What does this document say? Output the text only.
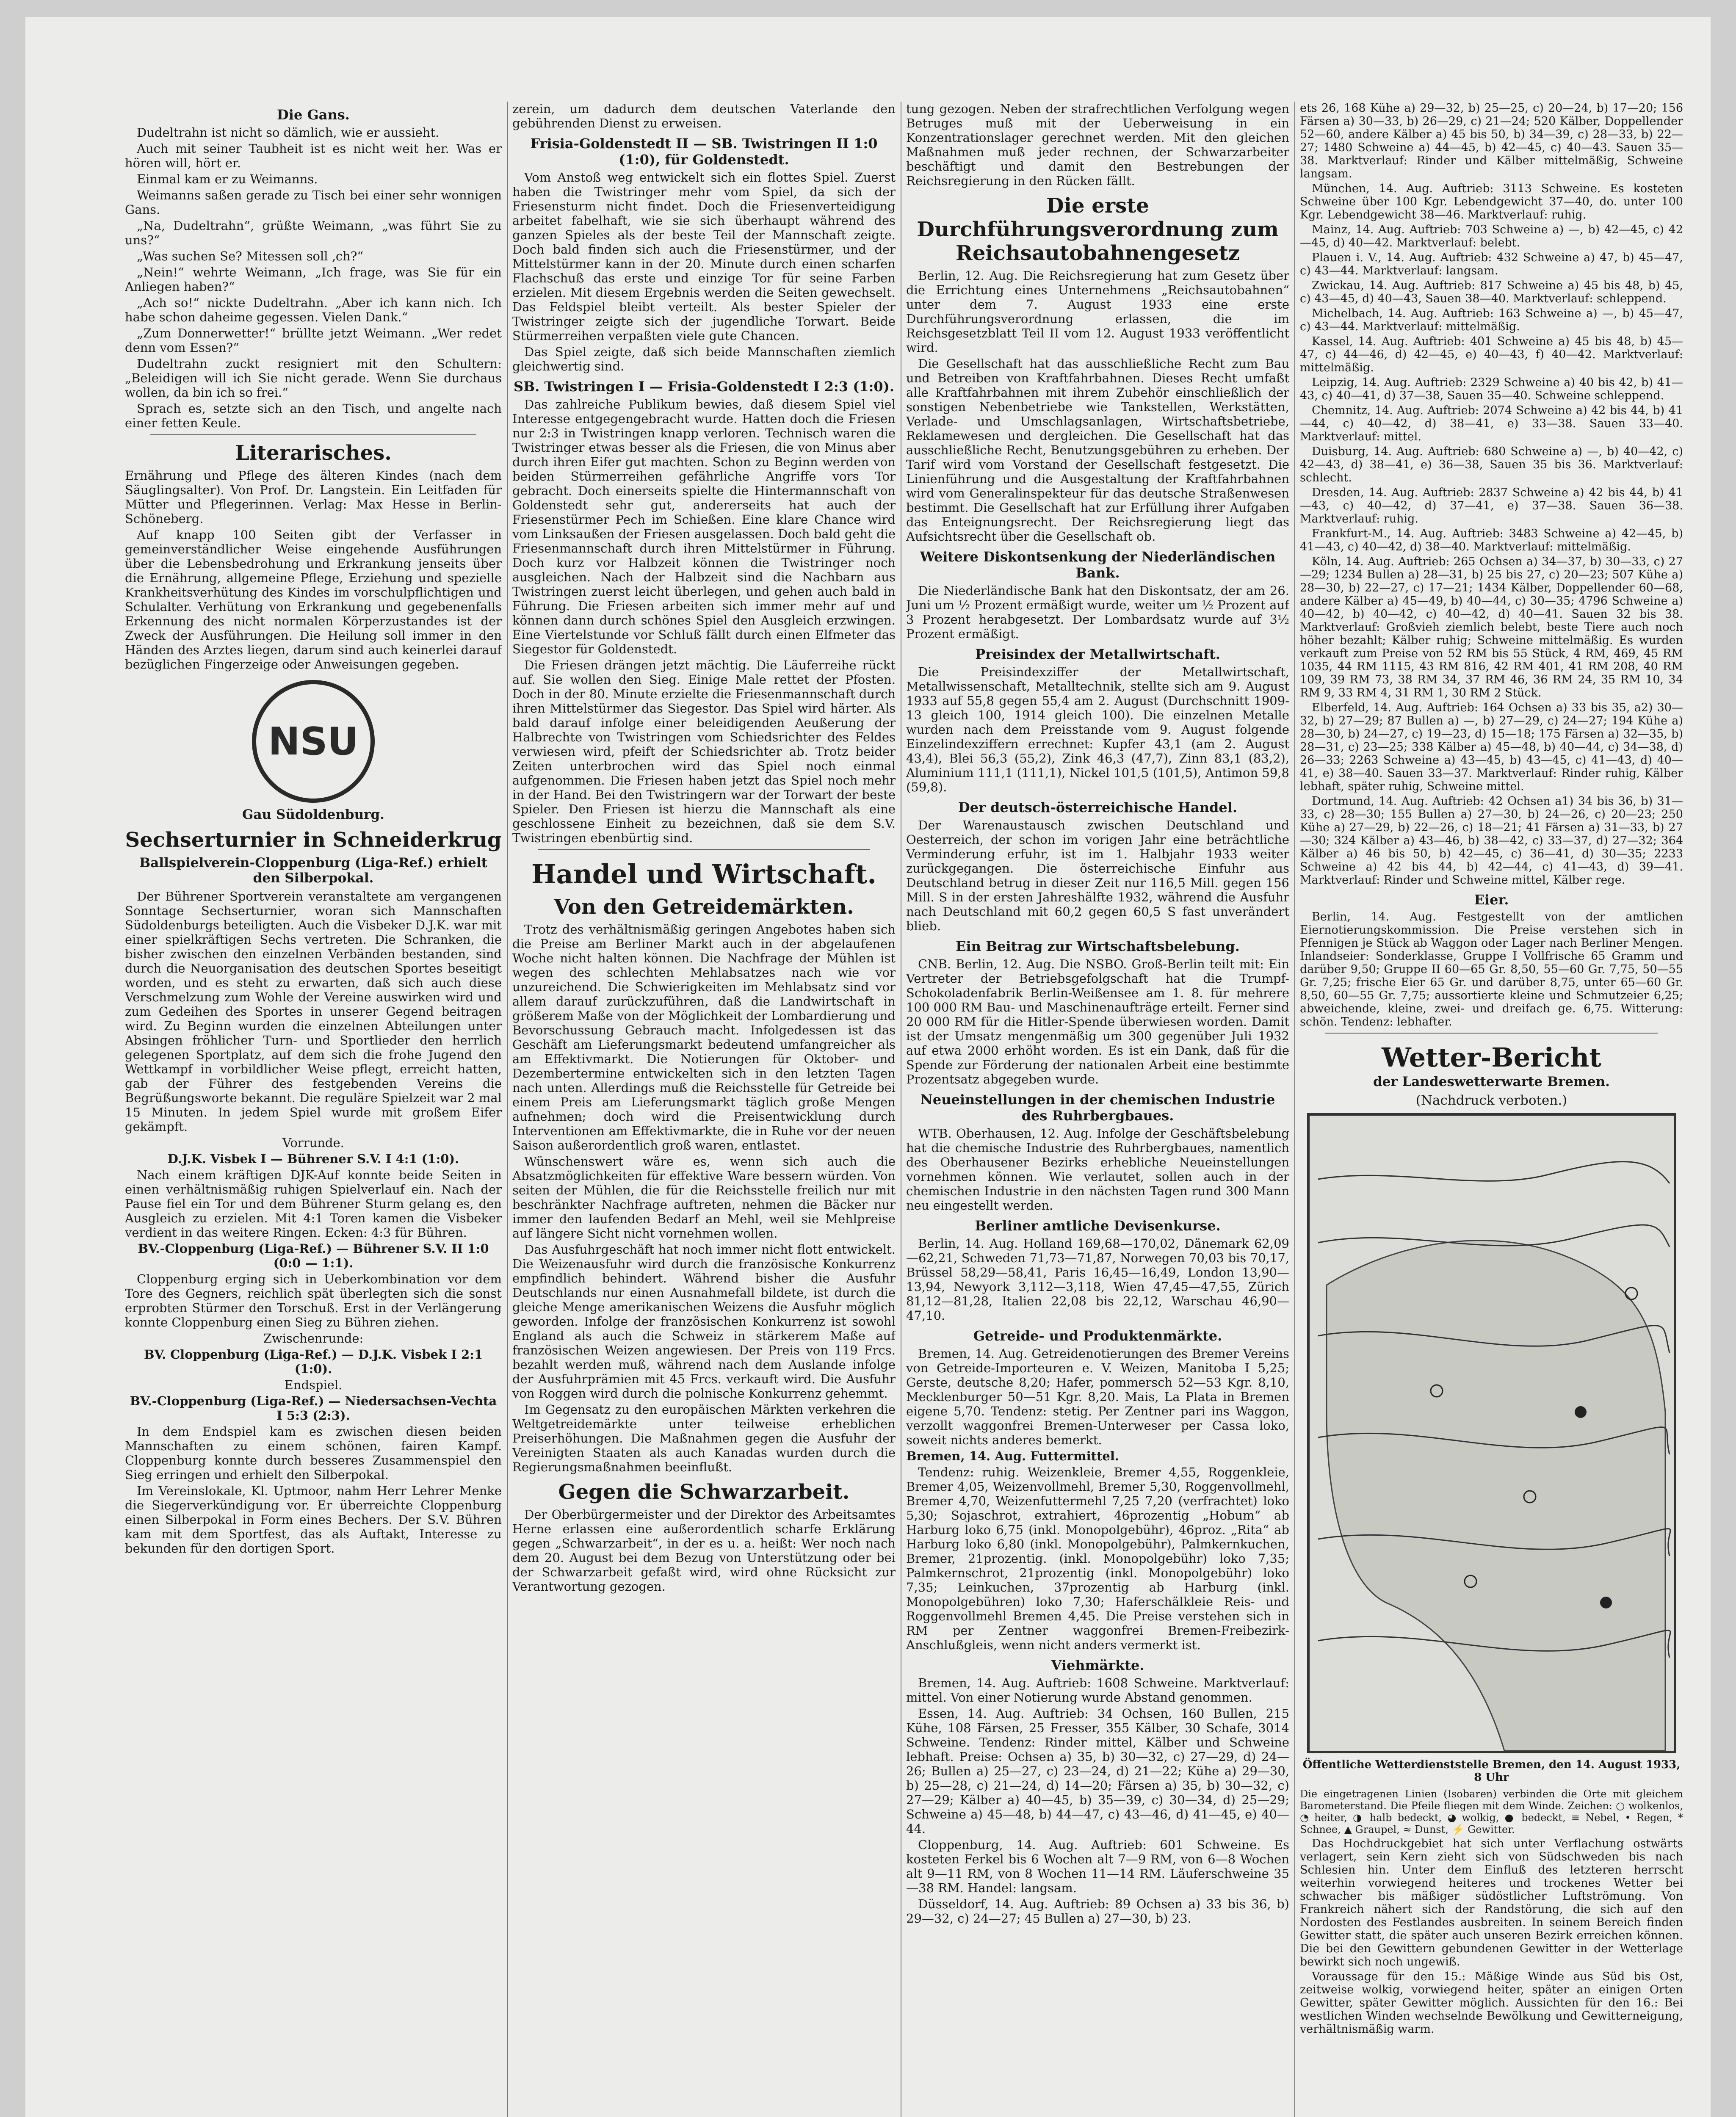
Die Gans.

Dudeltrahn ist nicht so dämlich, wie er aussieht.

Auch mit seiner Taubheit ist es nicht weit her. Was er hören will, hört er.

Einmal kam er zu Weimanns.

Weimanns saßen gerade zu Tisch bei einer sehr wonnigen Gans.

„Na, Dudeltrahn“, grüßte Weimann, „was führt Sie zu uns?“

„Was suchen Se? Mitessen soll ‚ch?“

„Nein!“ wehrte Weimann, „Ich frage, was Sie für ein Anliegen haben?“

„Ach so!“ nickte Dudeltrahn. „Aber ich kann nich. Ich habe schon daheime gegessen. Vielen Dank.“

„Zum Donnerwetter!“ brüllte jetzt Weimann. „Wer redet denn vom Essen?“

Dudeltrahn zuckt resigniert mit den Schultern: „Beleidigen will ich Sie nicht gerade. Wenn Sie durchaus wollen, da bin ich so frei.“

Sprach es, setzte sich an den Tisch, und angelte nach einer fetten Keule.

Literarisches.

Ernährung und Pflege des älteren Kindes (nach dem Säuglingsalter). Von Prof. Dr. Langstein. Ein Leitfaden für Mütter und Pflegerinnen. Verlag: Max Hesse in Berlin-Schöneberg.

Auf knapp 100 Seiten gibt der Verfasser in gemeinverständlicher Weise eingehende Ausführungen über die Lebensbedrohung und Erkrankung jenseits über die Ernährung, allgemeine Pflege, Erziehung und spezielle Krankheitsverhütung des Kindes im vorschulpflichtigen und Schulalter. Verhütung von Erkrankung und gegebenenfalls Erkennung des nicht normalen Körperzustandes ist der Zweck der Ausführungen. Die Heilung soll immer in den Händen des Arztes liegen, darum sind auch keinerlei darauf bezüglichen Fingerzeige oder Anweisungen gegeben.

NSU
Gau Südoldenburg.
Sechserturnier in Schneiderkrug
Ballspielverein-Cloppenburg (Liga-Ref.) erhielt den Silberpokal.

Der Bührener Sportverein veranstaltete am vergangenen Sonntage Sechserturnier, woran sich Mannschaften Südoldenburgs beteiligten. Auch die Visbeker D.J.K. war mit einer spielkräftigen Sechs vertreten. Die Schranken, die bisher zwischen den einzelnen Verbänden bestanden, sind durch die Neuorganisation des deutschen Sportes beseitigt worden, und es steht zu erwarten, daß sich auch diese Verschmelzung zum Wohle der Vereine auswirken wird und zum Gedeihen des Sportes in unserer Gegend beitragen wird. Zu Beginn wurden die einzelnen Abteilungen unter Absingen fröhlicher Turn- und Sportlieder den herrlich gelegenen Sportplatz, auf dem sich die frohe Jugend den Wettkampf in vorbildlicher Weise pflegt, erreicht hatten, gab der Führer des festgebenden Vereins die Begrüßungsworte bekannt. Die reguläre Spielzeit war 2 mal 15 Minuten. In jedem Spiel wurde mit großem Eifer gekämpft.

Vorrunde.

D.J.K. Visbek I — Bührener S.V. I 4:1 (1:0).

Nach einem kräftigen DJK-Auf konnte beide Seiten in einen verhältnismäßig ruhigen Spielverlauf ein. Nach der Pause fiel ein Tor und dem Bührener Sturm gelang es, den Ausgleich zu erzielen. Mit 4:1 Toren kamen die Visbeker verdient in das weitere Ringen. Ecken: 4:3 für Bühren.

BV.-Cloppenburg (Liga-Ref.) — Bührener S.V. II 1:0 (0:0 — 1:1).

Cloppenburg erging sich in Ueberkombination vor dem Tore des Gegners, reichlich spät überlegten sich die sonst erprobten Stürmer den Torschuß. Erst in der Verlängerung konnte Cloppenburg einen Sieg zu Bühren ziehen.

Zwischenrunde:

BV. Cloppenburg (Liga-Ref.) — D.J.K. Visbek I 2:1 (1:0).

Endspiel.

BV.-Cloppenburg (Liga-Ref.) — Niedersachsen-Vechta I 5:3 (2:3).

In dem Endspiel kam es zwischen diesen beiden Mannschaften zu einem schönen, fairen Kampf. Cloppenburg konnte durch besseres Zusammenspiel den Sieg erringen und erhielt den Silberpokal.

Im Vereinslokale, Kl. Uptmoor, nahm Herr Lehrer Menke die Siegerverkündigung vor. Er überreichte Cloppenburg einen Silberpokal in Form eines Bechers. Der S.V. Bühren kam mit dem Sportfest, das als Auftakt, Interesse zu bekunden für den dortigen Sport.

zerein, um dadurch dem deutschen Vaterlande den gebührenden Dienst zu erweisen.

Frisia-Goldenstedt II — SB. Twistringen II 1:0 (1:0), für Goldenstedt.

Vom Anstoß weg entwickelt sich ein flottes Spiel. Zuerst haben die Twistringer mehr vom Spiel, da sich der Friesensturm nicht findet. Doch die Friesenverteidigung arbeitet fabelhaft, wie sie sich überhaupt während des ganzen Spieles als der beste Teil der Mannschaft zeigte. Doch bald finden sich auch die Friesenstürmer, und der Mittelstürmer kann in der 20. Minute durch einen scharfen Flachschuß das erste und einzige Tor für seine Farben erzielen. Mit diesem Ergebnis werden die Seiten gewechselt. Das Feldspiel bleibt verteilt. Als bester Spieler der Twistringer zeigte sich der jugendliche Torwart. Beide Stürmerreihen verpaßten viele gute Chancen.

Das Spiel zeigte, daß sich beide Mannschaften ziemlich gleichwertig sind.

SB. Twistringen I — Frisia-Goldenstedt I 2:3 (1:0).

Das zahlreiche Publikum bewies, daß diesem Spiel viel Interesse entgegengebracht wurde. Hatten doch die Friesen nur 2:3 in Twistringen knapp verloren. Technisch waren die Twistringer etwas besser als die Friesen, die von Minus aber durch ihren Eifer gut machten. Schon zu Beginn werden von beiden Stürmerreihen gefährliche Angriffe vors Tor gebracht. Doch einerseits spielte die Hintermannschaft von Goldenstedt sehr gut, andererseits hat auch der Friesenstürmer Pech im Schießen. Eine klare Chance wird vom Linksaußen der Friesen ausgelassen. Doch bald geht die Friesenmannschaft durch ihren Mittelstürmer in Führung. Doch kurz vor Halbzeit können die Twistringer noch ausgleichen. Nach der Halbzeit sind die Nachbarn aus Twistringen zuerst leicht überlegen, und gehen auch bald in Führung. Die Friesen arbeiten sich immer mehr auf und können dann durch schönes Spiel den Ausgleich erzwingen. Eine Viertelstunde vor Schluß fällt durch einen Elfmeter das Siegestor für Goldenstedt.

Die Friesen drängen jetzt mächtig. Die Läuferreihe rückt auf. Sie wollen den Sieg. Einige Male rettet der Pfosten. Doch in der 80. Minute erzielte die Friesenmannschaft durch ihren Mittelstürmer das Siegestor. Das Spiel wird härter. Als bald darauf infolge einer beleidigenden Aeußerung der Halbrechte von Twistringen vom Schiedsrichter des Feldes verwiesen wird, pfeift der Schiedsrichter ab. Trotz beider Zeiten unterbrochen wird das Spiel noch einmal aufgenommen. Die Friesen haben jetzt das Spiel noch mehr in der Hand. Bei den Twistringern war der Torwart der beste Spieler. Den Friesen ist hierzu die Mannschaft als eine geschlossene Einheit zu bezeichnen, daß sie dem S.V. Twistringen ebenbürtig sind.

Handel und Wirtschaft.
Von den Getreidemärkten.

Trotz des verhältnismäßig geringen Angebotes haben sich die Preise am Berliner Markt auch in der abgelaufenen Woche nicht halten können. Die Nachfrage der Mühlen ist wegen des schlechten Mehlabsatzes nach wie vor unzureichend. Die Schwierigkeiten im Mehlabsatz sind vor allem darauf zurückzuführen, daß die Landwirtschaft in größerem Maße von der Möglichkeit der Lombardierung und Bevorschussung Gebrauch macht. Infolgedessen ist das Geschäft am Lieferungsmarkt bedeutend umfangreicher als am Effektivmarkt. Die Notierungen für Oktober- und Dezembertermine entwickelten sich in den letzten Tagen nach unten. Allerdings muß die Reichsstelle für Getreide bei einem Preis am Lieferungsmarkt täglich große Mengen aufnehmen; doch wird die Preisentwicklung durch Interventionen am Effektivmarkte, die in Ruhe vor der neuen Saison außerordentlich groß waren, entlastet.

Wünschenswert wäre es, wenn sich auch die Absatzmöglichkeiten für effektive Ware bessern würden. Von seiten der Mühlen, die für die Reichsstelle freilich nur mit beschränkter Nachfrage auftreten, nehmen die Bäcker nur immer den laufenden Bedarf an Mehl, weil sie Mehlpreise auf längere Sicht nicht vornehmen wollen.

Das Ausfuhrgeschäft hat noch immer nicht flott entwickelt. Die Weizenausfuhr wird durch die französische Konkurrenz empfindlich behindert. Während bisher die Ausfuhr Deutschlands nur einen Ausnahmefall bildete, ist durch die gleiche Menge amerikanischen Weizens die Ausfuhr möglich geworden. Infolge der französischen Konkurrenz ist sowohl England als auch die Schweiz in stärkerem Maße auf französischen Weizen angewiesen. Der Preis von 119 Frcs. bezahlt werden muß, während nach dem Auslande infolge der Ausfuhrprämien mit 45 Frcs. verkauft wird. Die Ausfuhr von Roggen wird durch die polnische Konkurrenz gehemmt.

Im Gegensatz zu den europäischen Märkten verkehren die Weltgetreidemärkte unter teilweise erheblichen Preiserhöhungen. Die Maßnahmen gegen die Ausfuhr der Vereinigten Staaten als auch Kanadas wurden durch die Regierungsmaßnahmen beeinflußt.

Gegen die Schwarzarbeit.

Der Oberbürgermeister und der Direktor des Arbeitsamtes Herne erlassen eine außerordentlich scharfe Erklärung gegen „Schwarzarbeit“, in der es u. a. heißt: Wer noch nach dem 20. August bei dem Bezug von Unterstützung oder bei der Schwarzarbeit gefaßt wird, wird ohne Rücksicht zur Verantwortung gezogen.

tung gezogen. Neben der strafrechtlichen Verfolgung wegen Betruges muß mit der Ueberweisung in ein Konzentrationslager gerechnet werden. Mit den gleichen Maßnahmen muß jeder rechnen, der Schwarzarbeiter beschäftigt und damit den Bestrebungen der Reichsregierung in den Rücken fällt.

Die erste Durchführungsverordnung zum Reichsautobahnengesetz

Berlin, 12. Aug. Die Reichsregierung hat zum Gesetz über die Errichtung eines Unternehmens „Reichsautobahnen“ unter dem 7. August 1933 eine erste Durchführungsverordnung erlassen, die im Reichsgesetzblatt Teil II vom 12. August 1933 veröffentlicht wird.

Die Gesellschaft hat das ausschließliche Recht zum Bau und Betreiben von Kraftfahrbahnen. Dieses Recht umfaßt alle Kraftfahrbahnen mit ihrem Zubehör einschließlich der sonstigen Nebenbetriebe wie Tankstellen, Werkstätten, Verlade- und Umschlagsanlagen, Wirtschaftsbetriebe, Reklamewesen und dergleichen. Die Gesellschaft hat das ausschließliche Recht, Benutzungsgebühren zu erheben. Der Tarif wird vom Vorstand der Gesellschaft festgesetzt. Die Linienführung und die Ausgestaltung der Kraftfahrbahnen wird vom Generalinspekteur für das deutsche Straßenwesen bestimmt. Die Gesellschaft hat zur Erfüllung ihrer Aufgaben das Enteignungsrecht. Der Reichsregierung liegt das Aufsichtsrecht über die Gesellschaft ob.

Weitere Diskontsenkung der Niederländischen Bank.

Die Niederländische Bank hat den Diskontsatz, der am 26. Juni um ½ Prozent ermäßigt wurde, weiter um ½ Prozent auf 3 Prozent herabgesetzt. Der Lombardsatz wurde auf 3½ Prozent ermäßigt.

Preisindex der Metallwirtschaft.

Die Preisindexziffer der Metallwirtschaft, Metallwissenschaft, Metalltechnik, stellte sich am 9. August 1933 auf 55,8 gegen 55,4 am 2. August (Durchschnitt 1909-13 gleich 100, 1914 gleich 100). Die einzelnen Metalle wurden nach dem Preisstande vom 9. August folgende Einzelindexziffern errechnet: Kupfer 43,1 (am 2. August 43,4), Blei 56,3 (55,2), Zink 46,3 (47,7), Zinn 83,1 (83,2), Aluminium 111,1 (111,1), Nickel 101,5 (101,5), Antimon 59,8 (59,8).

Der deutsch-österreichische Handel.

Der Warenaustausch zwischen Deutschland und Oesterreich, der schon im vorigen Jahr eine beträchtliche Verminderung erfuhr, ist im 1. Halbjahr 1933 weiter zurückgegangen. Die österreichische Einfuhr aus Deutschland betrug in dieser Zeit nur 116,5 Mill. gegen 156 Mill. S in der ersten Jahreshälfte 1932, während die Ausfuhr nach Deutschland mit 60,2 gegen 60,5 S fast unverändert blieb.

Ein Beitrag zur Wirtschaftsbelebung.

CNB. Berlin, 12. Aug. Die NSBO. Groß-Berlin teilt mit: Ein Vertreter der Betriebsgefolgschaft hat die Trumpf-Schokoladenfabrik Berlin-Weißensee am 1. 8. für mehrere 100 000 RM Bau- und Maschinenaufträge erteilt. Ferner sind 20 000 RM für die Hitler-Spende überwiesen worden. Damit ist der Umsatz mengenmäßig um 300 gegenüber Juli 1932 auf etwa 2000 erhöht worden. Es ist ein Dank, daß für die Spende zur Förderung der nationalen Arbeit eine bestimmte Prozentsatz abgegeben wurde.

Neueinstellungen in der chemischen Industrie des Ruhrbergbaues.

WTB. Oberhausen, 12. Aug. Infolge der Geschäftsbelebung hat die chemische Industrie des Ruhrbergbaues, namentlich des Oberhausener Bezirks erhebliche Neueinstellungen vornehmen können. Wie verlautet, sollen auch in der chemischen Industrie in den nächsten Tagen rund 300 Mann neu eingestellt werden.

Berliner amtliche Devisenkurse.

Berlin, 14. Aug. Holland 169,68—170,02, Dänemark 62,09—62,21, Schweden 71,73—71,87, Norwegen 70,03 bis 70,17, Brüssel 58,29—58,41, Paris 16,45—16,49, London 13,90—13,94, Newyork 3,112—3,118, Wien 47,45—47,55, Zürich 81,12—81,28, Italien 22,08 bis 22,12, Warschau 46,90—47,10.

Getreide- und Produktenmärkte.

Bremen, 14. Aug. Getreidenotierungen des Bremer Vereins von Getreide-Importeuren e. V. Weizen, Manitoba I 5,25; Gerste, deutsche 8,20; Hafer, pommersch 52—53 Kgr. 8,10, Mecklenburger 50—51 Kgr. 8,20. Mais, La Plata in Bremen eigene 5,70. Tendenz: stetig. Per Zentner pari ins Waggon, verzollt waggonfrei Bremen-Unterweser per Cassa loko, soweit nichts anderes bemerkt.

Bremen, 14. Aug. Futtermittel.

Tendenz: ruhig. Weizenkleie, Bremer 4,55, Roggenkleie, Bremer 4,05, Weizenvollmehl, Bremer 5,30, Roggenvollmehl, Bremer 4,70, Weizenfuttermehl 7,25 7,20 (verfrachtet) loko 5,30; Sojaschrot, extrahiert, 46prozentig „Hobum“ ab Harburg loko 6,75 (inkl. Monopolgebühr), 46proz. „Rita“ ab Harburg loko 6,80 (inkl. Monopolgebühr), Palmkernkuchen, Bremer, 21prozentig. (inkl. Monopolgebühr) loko 7,35; Palmkernschrot, 21prozentig (inkl. Monopolgebühr) loko 7,35; Leinkuchen, 37prozentig ab Harburg (inkl. Monopolgebühren) loko 7,30; Haferschälkleie Reis- und Roggenvollmehl Bremen 4,45. Die Preise verstehen sich in RM per Zentner waggonfrei Bremen-Freibezirk-Anschlußgleis, wenn nicht anders vermerkt ist.

Viehmärkte.

Bremen, 14. Aug. Auftrieb: 1608 Schweine. Marktverlauf: mittel. Von einer Notierung wurde Abstand genommen.

Essen, 14. Aug. Auftrieb: 34 Ochsen, 160 Bullen, 215 Kühe, 108 Färsen, 25 Fresser, 355 Kälber, 30 Schafe, 3014 Schweine. Tendenz: Rinder mittel, Kälber und Schweine lebhaft. Preise: Ochsen a) 35, b) 30—32, c) 27—29, d) 24—26; Bullen a) 25—27, c) 23—24, d) 21—22; Kühe a) 29—30, b) 25—28, c) 21—24, d) 14—20; Färsen a) 35, b) 30—32, c) 27—29; Kälber a) 40—45, b) 35—39, c) 30—34, d) 25—29; Schweine a) 45—48, b) 44—47, c) 43—46, d) 41—45, e) 40—44.

Cloppenburg, 14. Aug. Auftrieb: 601 Schweine. Es kosteten Ferkel bis 6 Wochen alt 7—9 RM, von 6—8 Wochen alt 9—11 RM, von 8 Wochen 11—14 RM. Läuferschweine 35—38 RM. Handel: langsam.

Düsseldorf, 14. Aug. Auftrieb: 89 Ochsen a) 33 bis 36, b) 29—32, c) 24—27; 45 Bullen a) 27—30, b) 23.

ets 26, 168 Kühe a) 29—32, b) 25—25, c) 20—24, b) 17—20; 156 Färsen a) 30—33, b) 26—29, c) 21—24; 520 Kälber, Doppellender 52—60, andere Kälber a) 45 bis 50, b) 34—39, c) 28—33, b) 22—27; 1480 Schweine a) 44—45, b) 42—45, c) 40—43. Sauen 35—38. Marktverlauf: Rinder und Kälber mittelmäßig, Schweine langsam.

München, 14. Aug. Auftrieb: 3113 Schweine. Es kosteten Schweine über 100 Kgr. Lebendgewicht 37—40, do. unter 100 Kgr. Lebendgewicht 38—46. Marktverlauf: ruhig.

Mainz, 14. Aug. Auftrieb: 703 Schweine a) —, b) 42—45, c) 42—45, d) 40—42. Marktverlauf: belebt.

Plauen i. V., 14. Aug. Auftrieb: 432 Schweine a) 47, b) 45—47, c) 43—44. Marktverlauf: langsam.

Zwickau, 14. Aug. Auftrieb: 817 Schweine a) 45 bis 48, b) 45, c) 43—45, d) 40—43, Sauen 38—40. Marktverlauf: schleppend.

Michelbach, 14. Aug. Auftrieb: 163 Schweine a) —, b) 45—47, c) 43—44. Marktverlauf: mittelmäßig.

Kassel, 14. Aug. Auftrieb: 401 Schweine a) 45 bis 48, b) 45—47, c) 44—46, d) 42—45, e) 40—43, f) 40—42. Marktverlauf: mittelmäßig.

Leipzig, 14. Aug. Auftrieb: 2329 Schweine a) 40 bis 42, b) 41—43, c) 40—41, d) 37—38, Sauen 35—40. Schweine schleppend.

Chemnitz, 14. Aug. Auftrieb: 2074 Schweine a) 42 bis 44, b) 41—44, c) 40—42, d) 38—41, e) 33—38. Sauen 33—40. Marktverlauf: mittel.

Duisburg, 14. Aug. Auftrieb: 680 Schweine a) —, b) 40—42, c) 42—43, d) 38—41, e) 36—38, Sauen 35 bis 36. Marktverlauf: schlecht.

Dresden, 14. Aug. Auftrieb: 2837 Schweine a) 42 bis 44, b) 41—43, c) 40—42, d) 37—41, e) 37—38. Sauen 36—38. Marktverlauf: ruhig.

Frankfurt-M., 14. Aug. Auftrieb: 3483 Schweine a) 42—45, b) 41—43, c) 40—42, d) 38—40. Marktverlauf: mittelmäßig.

Köln, 14. Aug. Auftrieb: 265 Ochsen a) 34—37, b) 30—33, c) 27—29; 1234 Bullen a) 28—31, b) 25 bis 27, c) 20—23; 507 Kühe a) 28—30, b) 22—27, c) 17—21; 1434 Kälber, Doppellender 60—68, andere Kälber a) 45—49, b) 40—44, c) 30—35; 4796 Schweine a) 40—42, b) 40—42, c) 40—42, d) 40—41. Sauen 32 bis 38. Marktverlauf: Großvieh ziemlich belebt, beste Tiere auch noch höher bezahlt; Kälber ruhig; Schweine mittelmäßig. Es wurden verkauft zum Preise von 52 RM bis 55 Stück, 4 RM, 469, 45 RM 1035, 44 RM 1115, 43 RM 816, 42 RM 401, 41 RM 208, 40 RM 109, 39 RM 73, 38 RM 34, 37 RM 46, 36 RM 24, 35 RM 10, 34 RM 9, 33 RM 4, 31 RM 1, 30 RM 2 Stück.

Elberfeld, 14. Aug. Auftrieb: 164 Ochsen a) 33 bis 35, a2) 30—32, b) 27—29; 87 Bullen a) —, b) 27—29, c) 24—27; 194 Kühe a) 28—30, b) 24—27, c) 19—23, d) 15—18; 175 Färsen a) 32—35, b) 28—31, c) 23—25; 338 Kälber a) 45—48, b) 40—44, c) 34—38, d) 26—33; 2263 Schweine a) 43—45, b) 43—45, c) 41—43, d) 40—41, e) 38—40. Sauen 33—37. Marktverlauf: Rinder ruhig, Kälber lebhaft, später ruhig, Schweine mittel.

Dortmund, 14. Aug. Auftrieb: 42 Ochsen a1) 34 bis 36, b) 31—33, c) 28—30; 155 Bullen a) 27—30, b) 24—26, c) 20—23; 250 Kühe a) 27—29, b) 22—26, c) 18—21; 41 Färsen a) 31—33, b) 27—30; 324 Kälber a) 43—46, b) 38—42, c) 33—37, d) 27—32; 364 Kälber a) 46 bis 50, b) 42—45, c) 36—41, d) 30—35; 2233 Schweine a) 42 bis 44, b) 42—44, c) 41—43, d) 39—41. Marktverlauf: Rinder und Schweine mittel, Kälber rege.

Eier.

Berlin, 14. Aug. Festgestellt von der amtlichen Eiernotierungskommission. Die Preise verstehen sich in Pfennigen je Stück ab Waggon oder Lager nach Berliner Mengen. Inlandseier: Sonderklasse, Gruppe I Vollfrische 65 Gramm und darüber 9,50; Gruppe II 60—65 Gr. 8,50, 55—60 Gr. 7,75, 50—55 Gr. 7,25; frische Eier 65 Gr. und darüber 8,75, unter 65—60 Gr. 8,50, 60—55 Gr. 7,75; aussortierte kleine und Schmutzeier 6,25; abweichende, kleine, zwei- und dreifach ge. 6,75. Witterung: schön. Tendenz: lebhafter.

Wetter-Bericht
der Landeswetterwarte Bremen.
(Nachdruck verboten.)
Öffentliche Wetterdienststelle Bremen, den 14. August 1933, 8 Uhr

Die eingetragenen Linien (Isobaren) verbinden die Orte mit gleichem Barometerstand. Die Pfeile fliegen mit dem Winde. Zeichen: ○ wolkenlos, ◔ heiter, ◑ halb bedeckt, ◕ wolkig, ● bedeckt, ≡ Nebel, • Regen, * Schnee, ▲ Graupel, ≈ Dunst, ⚡ Gewitter.

Das Hochdruckgebiet hat sich unter Verflachung ostwärts verlagert, sein Kern zieht sich von Südschweden bis nach Schlesien hin. Unter dem Einfluß des letzteren herrscht weiterhin vorwiegend heiteres und trockenes Wetter bei schwacher bis mäßiger südöstlicher Luftströmung. Von Frankreich nähert sich der Randstörung, die sich auf den Nordosten des Festlandes ausbreiten. In seinem Bereich finden Gewitter statt, die später auch unseren Bezirk erreichen können. Die bei den Gewittern gebundenen Gewitter in der Wetterlage bewirkt sich noch ungewiß.

Voraussage für den 15.: Mäßige Winde aus Süd bis Ost, zeitweise wolkig, vorwiegend heiter, später an einigen Orten Gewitter, später Gewitter möglich. Aussichten für den 16.: Bei westlichen Winden wechselnde Bewölkung und Gewitterneigung, verhältnismäßig warm.
